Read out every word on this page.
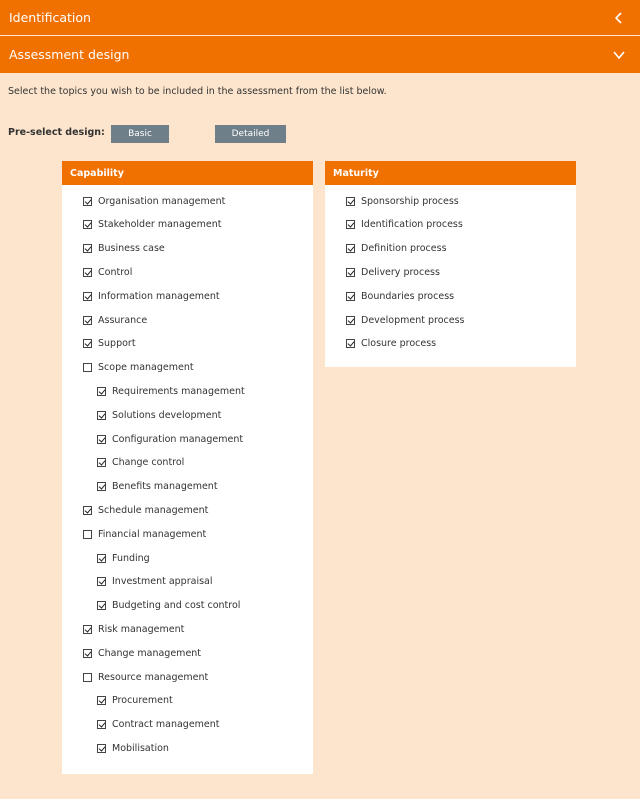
Identification
Assessment design
Select the topics you wish to be included in the assessment from the list below.
Pre-select design:	Basic	Detailed
Capability
Organisation management
Stakeholder management
Business case
Control
Information management
Assurance
Support
Scope management
Requirements management
Solutions development
Configuration management
Change control
Benefits management
Schedule management
Financial management
Funding
Investment appraisal
Budgeting and cost control
Risk management
Change management
Resource management
Procurement
Contract management
Mobilisation
Maturity
Sponsorship process
Identification process
Definition process
Delivery process
Boundaries process
Development process
Closure process
